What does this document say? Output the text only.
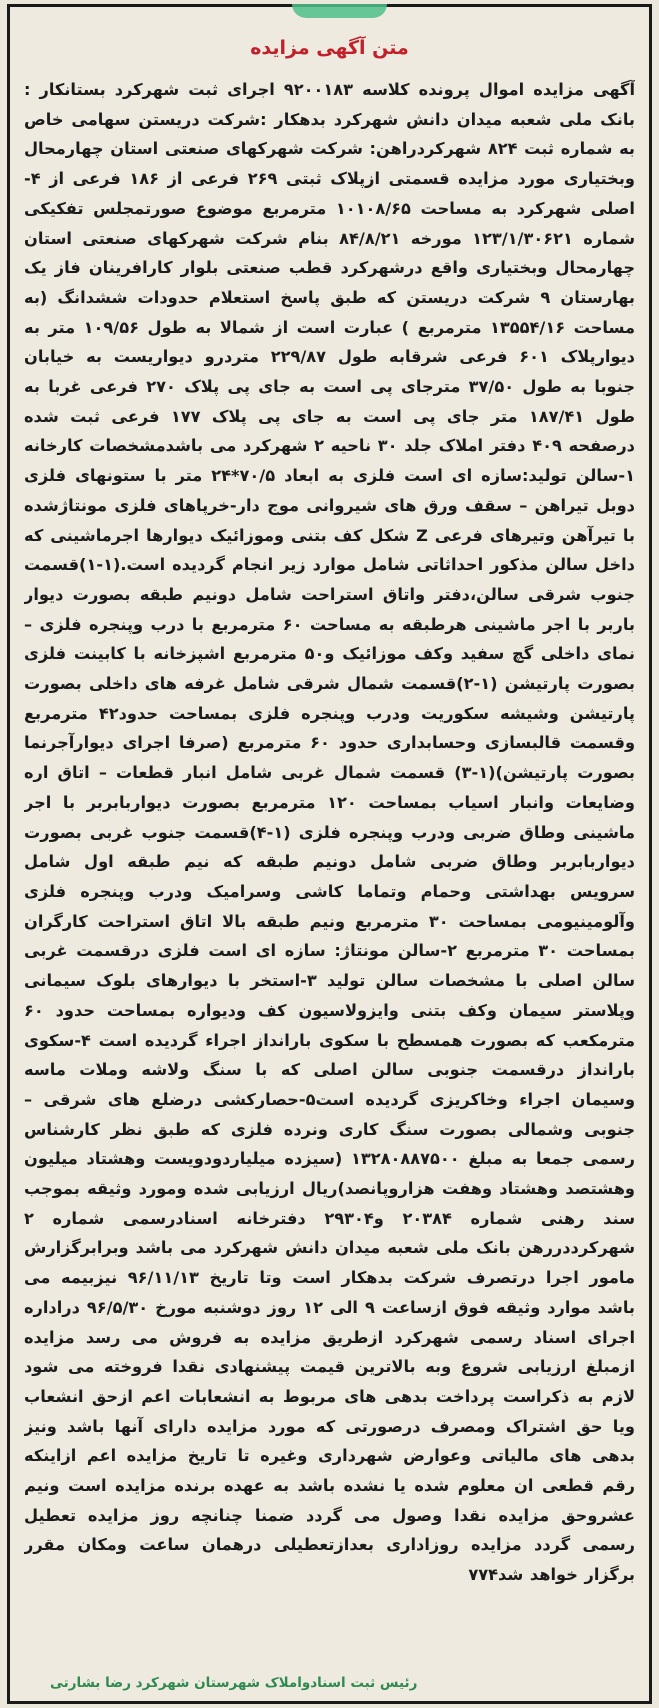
متن آگهی مزایده

آگهی مزایده اموال پرونده کلاسه ۹۲۰۰۱۸۳ اجرای ثبت شهرکرد بستانکار : بانک ملی شعبه میدان دانش شهرکرد بدهکار :شرکت دریستن سهامی خاص به شماره ثبت ۸۲۴ شهرکردراهن: شرکت شهرکهای صنعتی استان چهارمحال وبختیاری مورد مزایده قسمتی ازپلاک ثبتی ۲۶۹ فرعی از ۱۸۶ فرعی از ۴-اصلی شهرکرد به مساحت ۱۰۱۰۸/۶۵ مترمربع موضوع صورتمجلس تفکیکی شماره ۱۲۳/۱/۳۰۶۲۱ مورخه ۸۴/۸/۲۱ بنام شرکت شهرکهای صنعتی استان چهارمحال وبختیاری واقع درشهرکرد قطب صنعتی بلوار کارافرینان فاز یک بهارستان ۹ شرکت دریستن که طبق پاسخ استعلام حدودات ششدانگ (به مساحت ۱۳۵۵۴/۱۶ مترمربع ) عبارت است از شمالا به طول ۱۰۹/۵۶ متر به دیوارپلاک ۶۰۱ فرعی شرقابه طول ۲۲۹/۸۷ متردرو دیواریست به خیابان جنوبا به طول ۳۷/۵۰ مترجای پی است به جای پی پلاک ۲۷۰ فرعی غربا به طول ۱۸۷/۴۱ متر جای پی است به جای پی پلاک ۱۷۷ فرعی ثبت شده درصفحه ۴۰۹ دفتر املاک جلد ۳۰ ناحیه ۲ شهرکرد می باشدمشخصات کارخانه ۱-سالن تولید:سازه ای است فلزی به ابعاد ۷۰/۵*۲۴ متر با ستونهای فلزی دوبل تیراهن – سقف ورق های شیروانی موج دار-خرپاهای فلزی مونتاژشده با تیرآهن وتیرهای فرعی Z شکل کف بتنی وموزائیک دیوارها اجرماشینی که داخل سالن مذکور احداثاتی شامل موارد زیر انجام گردیده است.(۱-۱)قسمت جنوب شرقی سالن،دفتر واتاق استراحت شامل دونیم طبقه بصورت دیوار باربر با اجر ماشینی هرطبقه به مساحت ۶۰ مترمربع با درب وپنجره فلزی – نمای داخلی گچ سفید وکف موزائیک و۵۰ مترمربع اشپزخانه با کابینت فلزی بصورت پارتیشن (۱-۲)قسمت شمال شرقی شامل غرفه های داخلی بصورت پارتیشن وشیشه سکوریت ودرب وپنجره فلزی بمساحت حدود۴۲ مترمربع وقسمت قالبسازی وحسابداری حدود ۶۰ مترمربع (صرفا اجرای دیوارآجرنما بصورت پارتیشن)(۱-۳) قسمت شمال غربی شامل انبار قطعات – اتاق اره وضایعات وانبار اسیاب بمساحت ۱۲۰ مترمربع بصورت دیواربابربر با اجر ماشینی وطاق ضربی ودرب وپنجره فلزی (۱-۴)قسمت جنوب غربی بصورت دیواربابربر وطاق ضربی شامل دونیم طبقه که نیم طبقه اول شامل سرویس بهداشتی وحمام وتماما کاشی وسرامیک ودرب وپنجره فلزی وآلومینیومی بمساحت ۳۰ مترمربع ونیم طبقه بالا اتاق استراحت کارگران بمساحت ۳۰ مترمربع ۲-سالن مونتاژ: سازه ای است فلزی درقسمت غربی سالن اصلی با مشخصات سالن تولید ۳-استخر با دیوارهای بلوک سیمانی وپلاستر سیمان وکف بتنی وایزولاسیون کف ودیواره بمساحت حدود ۶۰ مترمکعب که بصورت همسطح با سکوی بارانداز اجراء گردیده است ۴-سکوی بارانداز درقسمت جنوبی سالن اصلی که با سنگ ولاشه وملات ماسه وسیمان اجراء وخاکریزی گردیده است۵-حصارکشی درضلع های شرقی – جنوبی وشمالی بصورت سنگ کاری ونرده فلزی که طبق نظر کارشناس رسمی جمعا به مبلغ ۱۳۲۸۰۸۸۷۵۰۰ (سیزده میلیاردودویست وهشتاد میلیون وهشتصد وهشتاد وهفت هزاروپانصد)ریال ارزیابی شده ومورد وثیقه بموجب سند رهنی شماره ۲۰۳۸۴ و۲۹۳۰۴ دفترخانه اسنادرسمی شماره ۲ شهرکرددررهن بانک ملی شعبه میدان دانش شهرکرد می باشد وبرابرگزارش مامور اجرا درتصرف شرکت بدهکار است وتا تاریخ ۹۶/۱۱/۱۳ نیزبیمه می باشد موارد وثیقه فوق ازساعت ۹ الی ۱۲ روز دوشنبه مورخ ۹۶/۵/۳۰ دراداره اجرای اسناد رسمی شهرکرد ازطریق مزایده به فروش می رسد مزایده ازمبلغ ارزیابی شروع وبه بالاترین قیمت پیشنهادی نقدا فروخته می شود لازم به ذکراست پرداخت بدهی های مربوط به انشعابات اعم ازحق انشعاب ویا حق اشتراک ومصرف درصورتی که مورد مزایده دارای آنها باشد ونیز بدهی های مالیاتی وعوارض شهرداری وغیره تا تاریخ مزایده اعم ازاینکه رقم قطعی ان معلوم شده یا نشده باشد به عهده برنده مزایده است ونیم عشروحق مزایده نقدا وصول می گردد ضمنا چنانچه روز مزایده تعطیل رسمی گردد مزایده روزاداری بعدازتعطیلی درهمان ساعت ومکان مقرر برگزار خواهد شد۷۷۴

رئیس ثبت اسنادواملاک شهرستان شهرکرد رضا بشارتی
